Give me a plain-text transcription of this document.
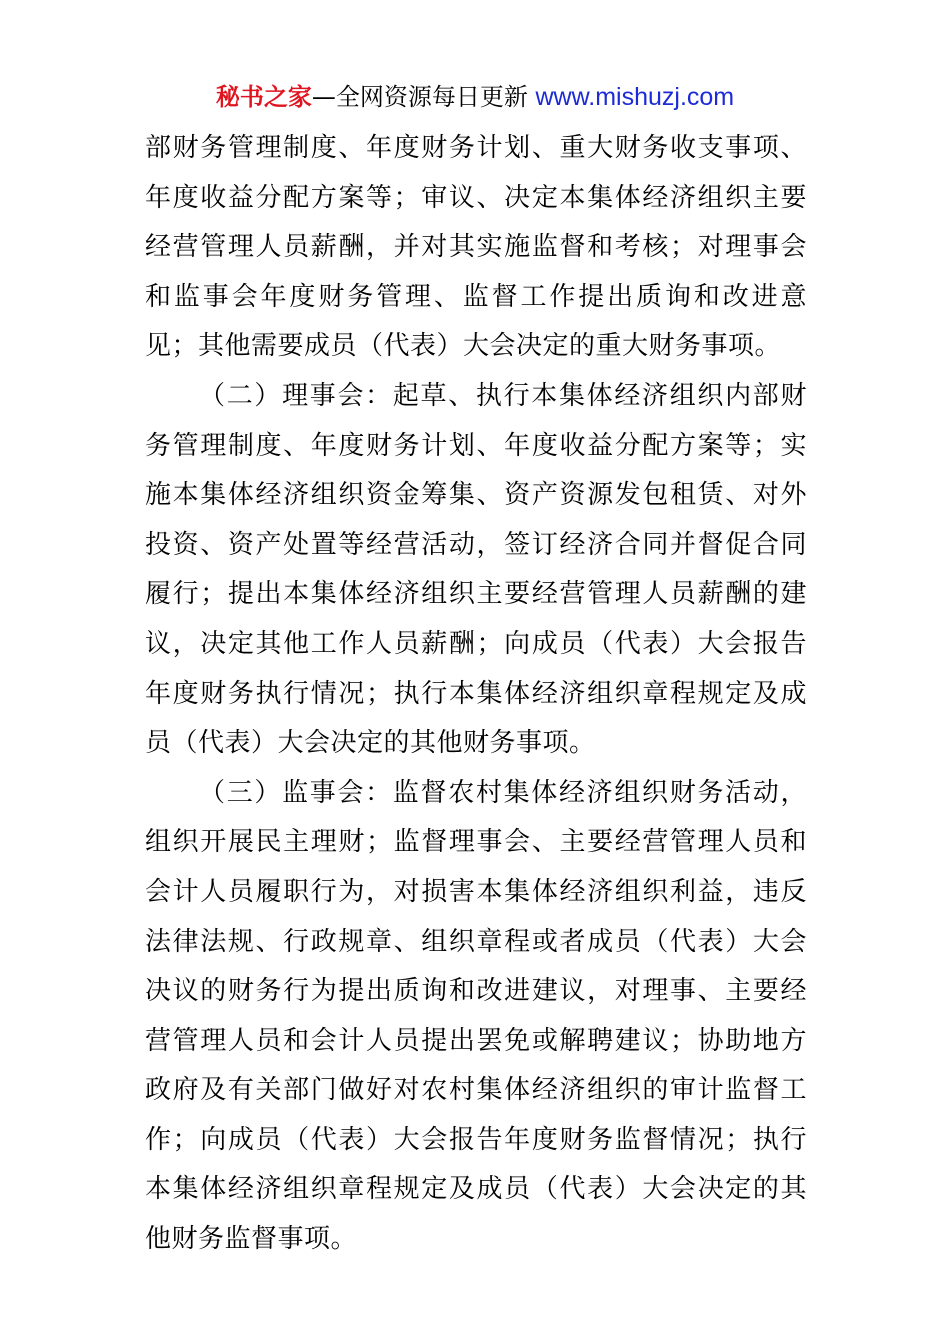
秘书之家—全网资源每日更新 www.mishuzj.com

部财务管理制度、年度财务计划、重大财务收支事项、年度收益分配方案等；审议、决定本集体经济组织主要经营管理人员薪酬，并对其实施监督和考核；对理事会和监事会年度财务管理、监督工作提出质询和改进意见；其他需要成员（代表）大会决定的重大财务事项。

（二）理事会：起草、执行本集体经济组织内部财务管理制度、年度财务计划、年度收益分配方案等；实施本集体经济组织资金筹集、资产资源发包租赁、对外投资、资产处置等经营活动，签订经济合同并督促合同履行；提出本集体经济组织主要经营管理人员薪酬的建议，决定其他工作人员薪酬；向成员（代表）大会报告年度财务执行情况；执行本集体经济组织章程规定及成员（代表）大会决定的其他财务事项。

（三）监事会：监督农村集体经济组织财务活动，组织开展民主理财；监督理事会、主要经营管理人员和会计人员履职行为，对损害本集体经济组织利益，违反法律法规、行政规章、组织章程或者成员（代表）大会决议的财务行为提出质询和改进建议，对理事、主要经营管理人员和会计人员提出罢免或解聘建议；协助地方政府及有关部门做好对农村集体经济组织的审计监督工作；向成员（代表）大会报告年度财务监督情况；执行本集体经济组织章程规定及成员（代表）大会决定的其他财务监督事项。
